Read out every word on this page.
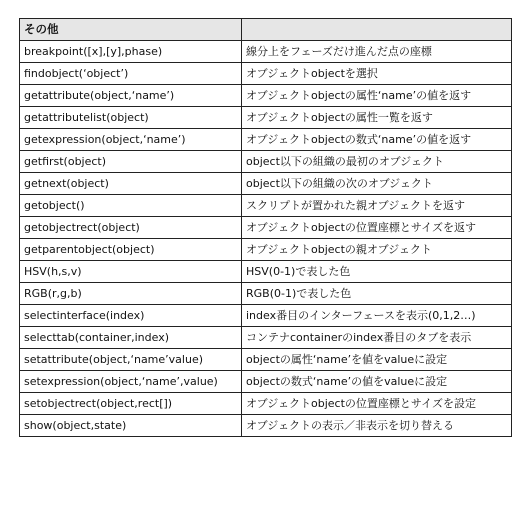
その他	
breakpoint([x],[y],phase)	線分上をフェーズだけ進んだ点の座標
findobject(‘object’)	オブジェクトobjectを選択
getattribute(object,‘name’)	オブジェクトobjectの属性‘name’の値を返す
getattributelist(object)	オブジェクトobjectの属性一覧を返す
getexpression(object,‘name’)	オブジェクトobjectの数式‘name’の値を返す
getfirst(object)	object以下の組織の最初のオブジェクト
getnext(object)	object以下の組織の次のオブジェクト
getobject()	スクリプトが置かれた親オブジェクトを返す
getobjectrect(object)	オブジェクトobjectの位置座標とサイズを返す
getparentobject(object)	オブジェクトobjectの親オブジェクト
HSV(h,s,v)	HSV(0-1)で表した色
RGB(r,g,b)	RGB(0-1)で表した色
selectinterface(index)	index番目のインターフェースを表示(0,1,2…)
selecttab(container,index)	コンテナcontainerのindex番目のタブを表示
setattribute(object,‘name’value)	objectの属性‘name’を値をvalueに設定
setexpression(object,‘name’,value)	objectの数式‘name’の値をvalueに設定
setobjectrect(object,rect[])	オブジェクトobjectの位置座標とサイズを設定
show(object,state)	オブジェクトの表示／非表示を切り替える
